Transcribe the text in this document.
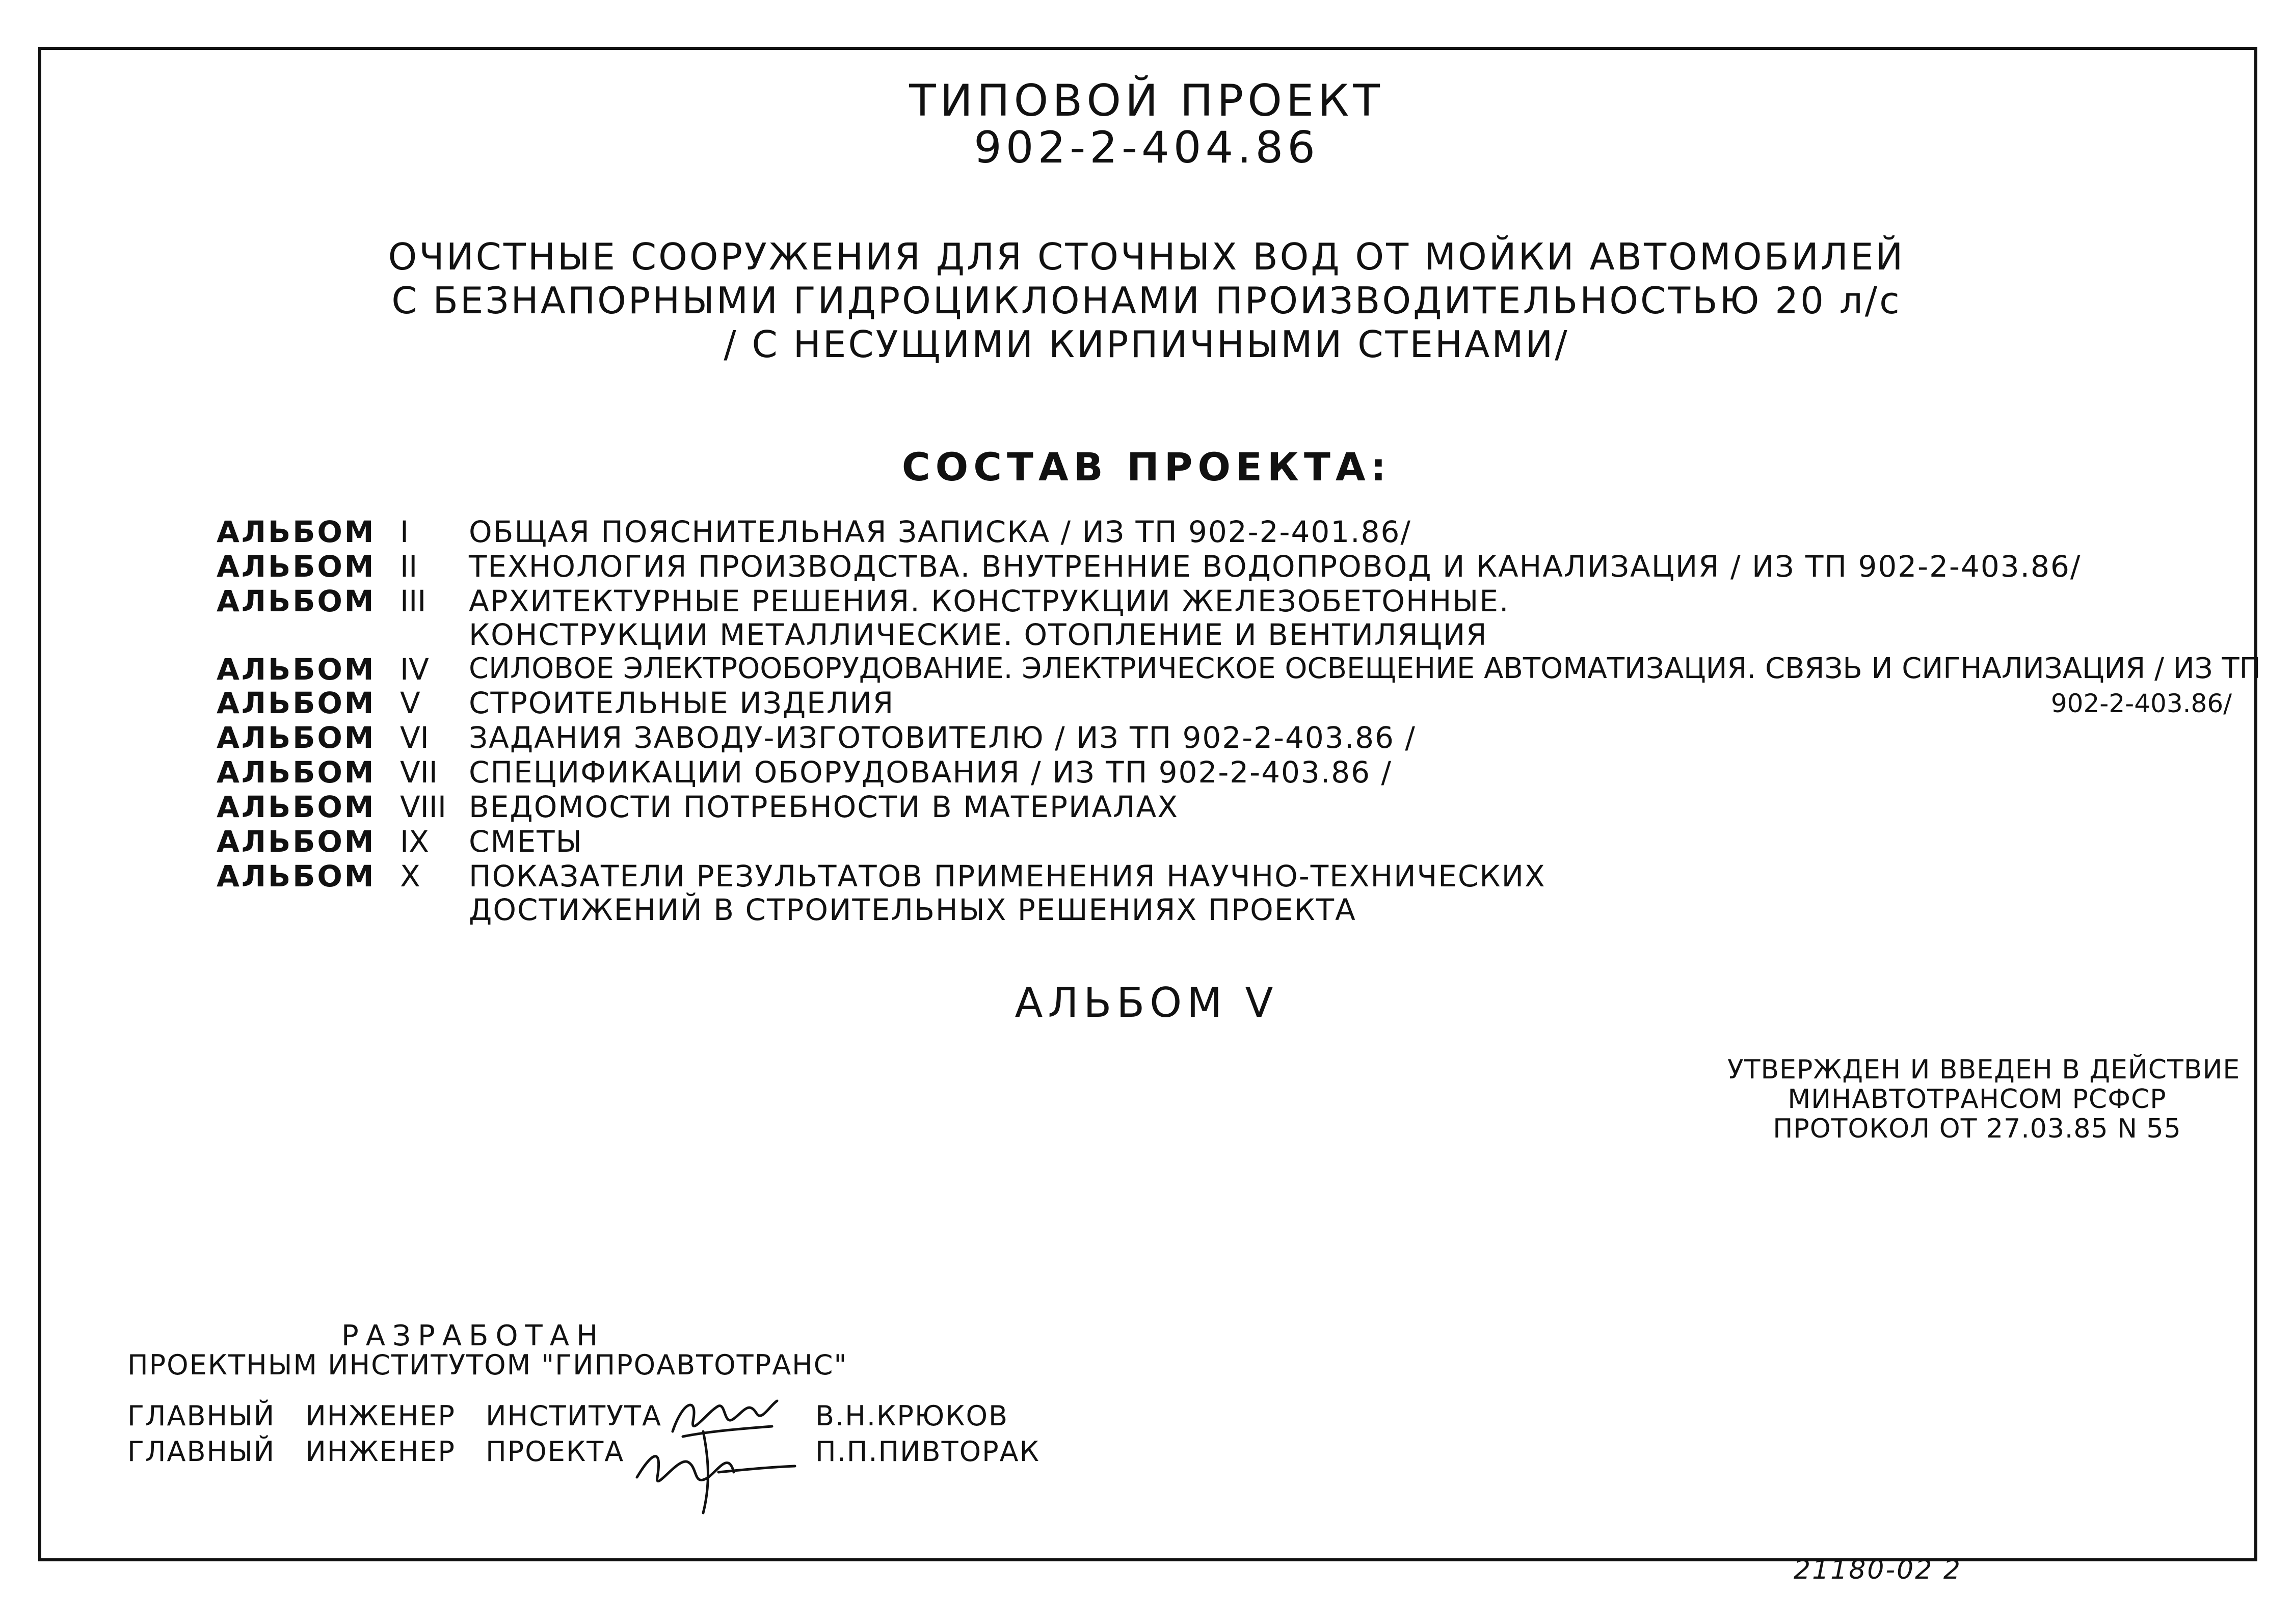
ТИПОВОЙ ПРОЕКТ
902-2-404.86
ОЧИСТНЫЕ СООРУЖЕНИЯ ДЛЯ СТОЧНЫХ ВОД ОТ МОЙКИ АВТОМОБИЛЕЙ
С БЕЗНАПОРНЫМИ ГИДРОЦИКЛОНАМИ ПРОИЗВОДИТЕЛЬНОСТЬЮ 20 л/с
/ С НЕСУЩИМИ КИРПИЧНЫМИ СТЕНАМИ/
СОСТАВ ПРОЕКТА:
АЛЬБОМ I ОБЩАЯ ПОЯСНИТЕЛЬНАЯ ЗАПИСКА / ИЗ ТП 902-2-401.86/
АЛЬБОМ II ТЕХНОЛОГИЯ ПРОИЗВОДСТВА. ВНУТРЕННИЕ ВОДОПРОВОД И КАНАЛИЗАЦИЯ / ИЗ ТП 902-2-403.86/
АЛЬБОМ III АРХИТЕКТУРНЫЕ РЕШЕНИЯ. КОНСТРУКЦИИ ЖЕЛЕЗОБЕТОННЫЕ.
КОНСТРУКЦИИ МЕТАЛЛИЧЕСКИЕ. ОТОПЛЕНИЕ И ВЕНТИЛЯЦИЯ
АЛЬБОМ IV СИЛОВОЕ ЭЛЕКТРООБОРУДОВАНИЕ. ЭЛЕКТРИЧЕСКОЕ ОСВЕЩЕНИЕ АВТОМАТИЗАЦИЯ. СВЯЗЬ И СИГНАЛИЗАЦИЯ / ИЗ ТП
902-2-403.86/
АЛЬБОМ V СТРОИТЕЛЬНЫЕ ИЗДЕЛИЯ
АЛЬБОМ VI ЗАДАНИЯ ЗАВОДУ-ИЗГОТОВИТЕЛЮ / ИЗ ТП 902-2-403.86 /
АЛЬБОМ VII СПЕЦИФИКАЦИИ ОБОРУДОВАНИЯ / ИЗ ТП 902-2-403.86 /
АЛЬБОМ VIII ВЕДОМОСТИ ПОТРЕБНОСТИ В МАТЕРИАЛАХ
АЛЬБОМ IX СМЕТЫ
АЛЬБОМ X ПОКАЗАТЕЛИ РЕЗУЛЬТАТОВ ПРИМЕНЕНИЯ НАУЧНО-ТЕХНИЧЕСКИХ
ДОСТИЖЕНИЙ В СТРОИТЕЛЬНЫХ РЕШЕНИЯХ ПРОЕКТА
АЛЬБОМ V
УТВЕРЖДЕН И ВВЕДЕН В ДЕЙСТВИЕ
МИНАВТОТРАНСОМ РСФСР
ПРОТОКОЛ ОТ 27.03.85 N 55
РАЗРАБОТАН
ПРОЕКТНЫМ ИНСТИТУТОМ "ГИПРОАВТОТРАНС"
ГЛАВНЫЙ ИНЖЕНЕР ИНСТИТУТА	В.Н.КРЮКОВ
ГЛАВНЫЙ ИНЖЕНЕР ПРОЕКТА	П.П.ПИВТОРАК
21180-02 2
